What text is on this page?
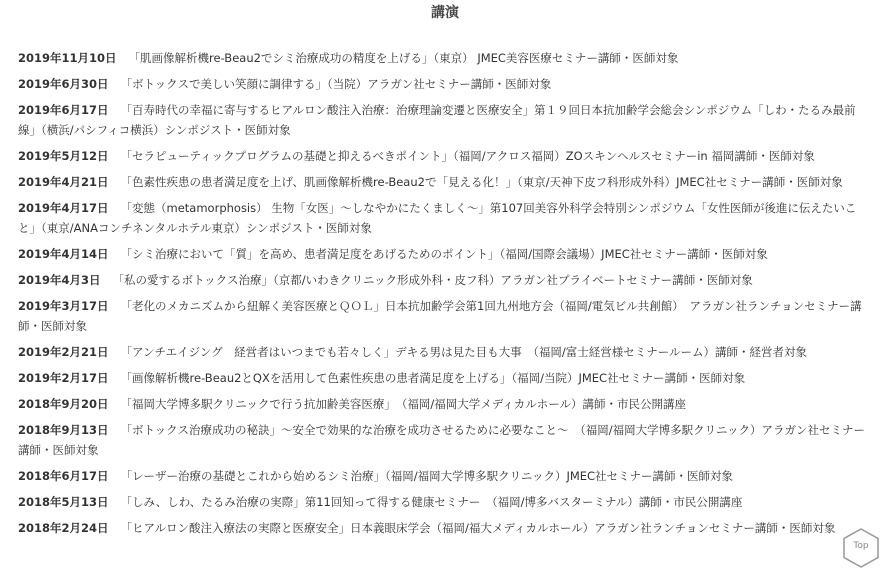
講演
2019年11月10日 「肌画像解析機re-Beau2でシミ治療成功の精度を上げる」（東京） JMEC美容医療セミナー講師・医師対象
2019年6月30日 「ボトックスで美しい笑顔に調律する」（当院）アラガン社セミナー講師・医師対象
2019年6月17日 「百寿時代の幸福に寄与するヒアルロン酸注入治療：治療理論変遷と医療安全」第１９回日本抗加齢学会総会シンポジウム「しわ・たるみ最前線」（横浜/パシフィコ横浜）シンポジスト・医師対象
2019年5月12日 「セラピューティックプログラムの基礎と抑えるべきポイント」（福岡/アクロス福岡）ZOスキンヘルスセミナーin 福岡講師・医師対象
2019年4月21日 「色素性疾患の患者満足度を上げ、肌画像解析機re-Beau2で「見える化！」（東京/天神下皮フ科形成外科）JMEC社セミナー講師・医師対象
2019年4月17日 「変態（metamorphosis） 生物「女医」～しなやかにたくましく～」第107回美容外科学会特別シンポジウム「女性医師が後進に伝えたいこと」（東京/ANAコンチネンタルホテル東京）シンポジスト・医師対象
2019年4月14日 「シミ治療において「質」を高め、患者満足度をあげるためのポイント」（福岡/国際会議場）JMEC社セミナー講師・医師対象
2019年4月3日 「私の愛するボトックス治療」（京都/いわきクリニック形成外科・皮フ科）アラガン社プライベートセミナー講師・医師対象
2019年3月17日 「老化のメカニズムから紐解く美容医療とＱＯＬ」日本抗加齢学会第1回九州地方会（福岡/電気ビル共創館）　アラガン社ランチョンセミナー講師・医師対象
2019年2月21日 「アンチエイジング　経営者はいつまでも若々しく」デキる男は見た目も大事　（福岡/富士経営様セミナールーム）講師・経営者対象
2019年2月17日 「画像解析機re-Beau2とQXを活用して色素性疾患の患者満足度を上げる」（福岡/当院）JMEC社セミナー講師・医師対象
2018年9月20日 「福岡大学博多駅クリニックで行う抗加齢美容医療」　（福岡/福岡大学メディカルホール）講師・市民公開講座
2018年9月13日 「ボトックス治療成功の秘訣」～安全で効果的な治療を成功させるために必要なこと～　（福岡/福岡大学博多駅クリニック）アラガン社セミナー講師・医師対象
2018年6月17日 「レーザー治療の基礎とこれから始めるシミ治療」（福岡/福岡大学博多駅クリニック）JMEC社セミナー講師・医師対象
2018年5月13日 「しみ、しわ、たるみ治療の実際」第11回知って得する健康セミナー　（福岡/博多バスターミナル）講師・市民公開講座
2018年2月24日 「ヒアルロン酸注入療法の実際と医療安全」日本義眼床学会（福岡/福大メディカルホール）アラガン社ランチョンセミナー講師・医師対象
Top
